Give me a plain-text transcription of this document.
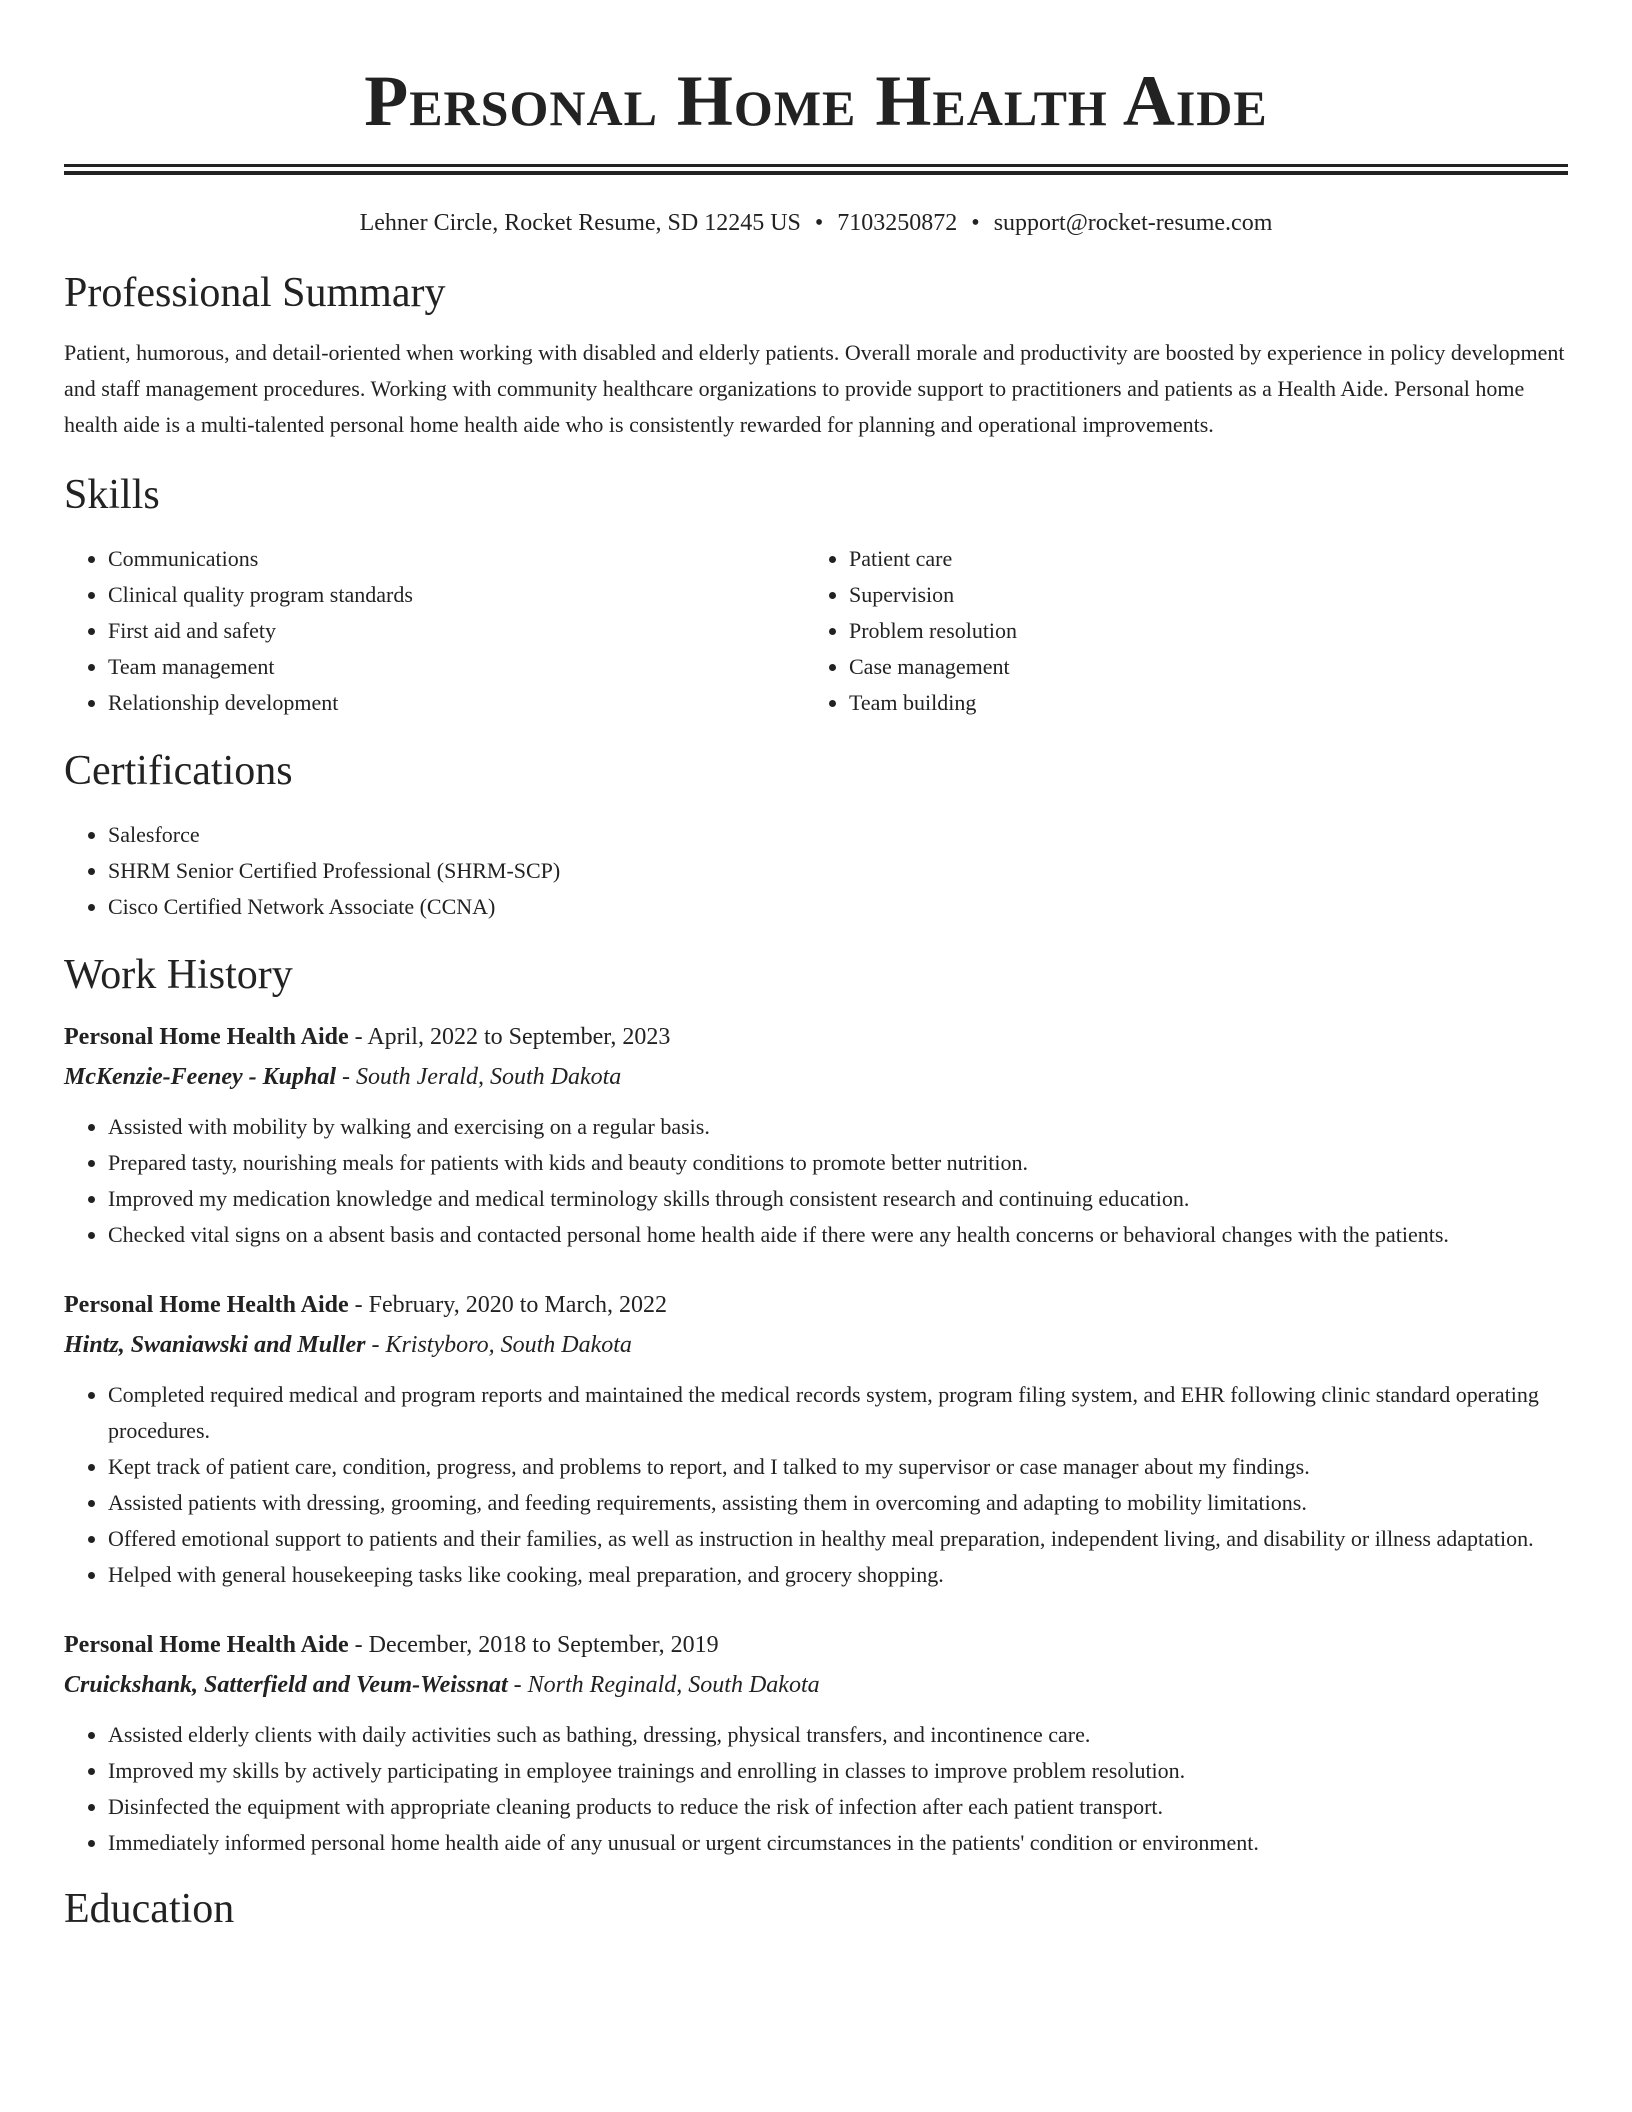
Personal Home Health Aide
Lehner Circle, Rocket Resume, SD 12245 US • 7103250872 • support@rocket-resume.com
Professional Summary
Patient, humorous, and detail-oriented when working with disabled and elderly patients. Overall morale and productivity are boosted by experience in policy development and staff management procedures. Working with community healthcare organizations to provide support to practitioners and patients as a Health Aide. Personal home health aide is a multi-talented personal home health aide who is consistently rewarded for planning and operational improvements.
Skills
• Communications
• Clinical quality program standards
• First aid and safety
• Team management
• Relationship development
• Patient care
• Supervision
• Problem resolution
• Case management
• Team building
Certifications
• Salesforce
• SHRM Senior Certified Professional (SHRM-SCP)
• Cisco Certified Network Associate (CCNA)
Work History
Personal Home Health Aide - April, 2022 to September, 2023
McKenzie-Feeney - Kuphal - South Jerald, South Dakota
• Assisted with mobility by walking and exercising on a regular basis.
• Prepared tasty, nourishing meals for patients with kids and beauty conditions to promote better nutrition.
• Improved my medication knowledge and medical terminology skills through consistent research and continuing education.
• Checked vital signs on a absent basis and contacted personal home health aide if there were any health concerns or behavioral changes with the patients.
Personal Home Health Aide - February, 2020 to March, 2022
Hintz, Swaniawski and Muller - Kristyboro, South Dakota
• Completed required medical and program reports and maintained the medical records system, program filing system, and EHR following clinic standard operating procedures.
• Kept track of patient care, condition, progress, and problems to report, and I talked to my supervisor or case manager about my findings.
• Assisted patients with dressing, grooming, and feeding requirements, assisting them in overcoming and adapting to mobility limitations.
• Offered emotional support to patients and their families, as well as instruction in healthy meal preparation, independent living, and disability or illness adaptation.
• Helped with general housekeeping tasks like cooking, meal preparation, and grocery shopping.
Personal Home Health Aide - December, 2018 to September, 2019
Cruickshank, Satterfield and Veum-Weissnat - North Reginald, South Dakota
• Assisted elderly clients with daily activities such as bathing, dressing, physical transfers, and incontinence care.
• Improved my skills by actively participating in employee trainings and enrolling in classes to improve problem resolution.
• Disinfected the equipment with appropriate cleaning products to reduce the risk of infection after each patient transport.
• Immediately informed personal home health aide of any unusual or urgent circumstances in the patients' condition or environment.
Education
